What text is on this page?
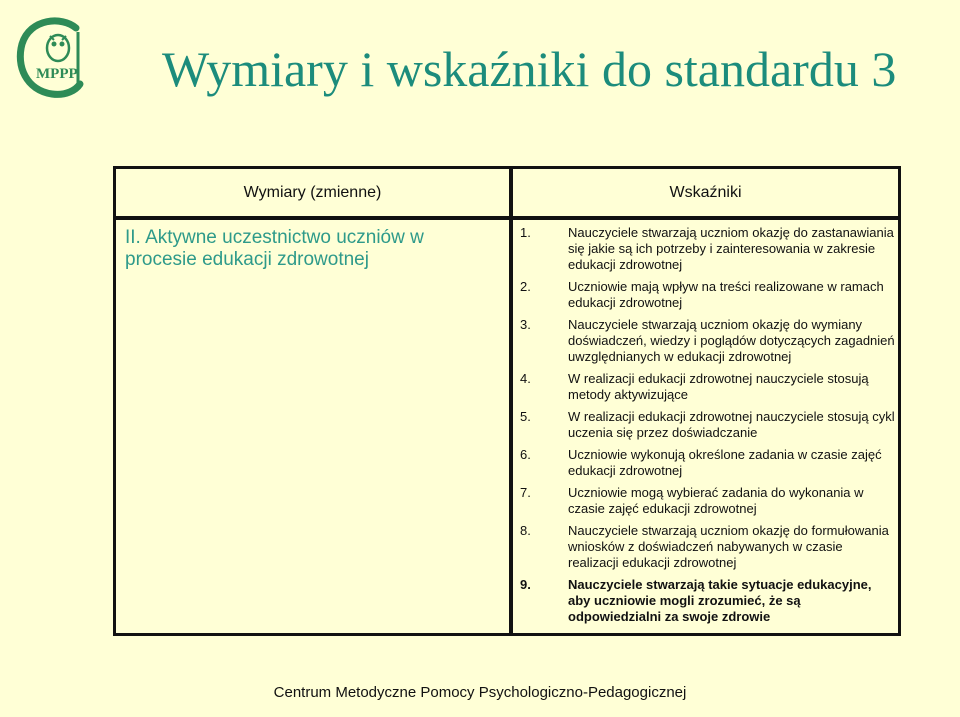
MPPP Wymiary i wskaźniki do standardu 3
Wymiary (zmienne)	Wskaźniki
II. Aktywne uczestnictwo uczniów w procesie edukacji zdrowotnej
1.	Nauczyciele stwarzają uczniom okazję do zastanawiania się jakie są ich potrzeby i zainteresowania w zakresie edukacji zdrowotnej
2.	Uczniowie mają wpływ na treści realizowane w ramach edukacji zdrowotnej
3.	Nauczyciele stwarzają uczniom okazję do wymiany doświadczeń, wiedzy i poglądów dotyczących zagadnień uwzględnianych w edukacji zdrowotnej
4.	W realizacji edukacji zdrowotnej nauczyciele stosują metody aktywizujące
5.	W realizacji edukacji zdrowotnej nauczyciele stosują cykl uczenia się przez doświadczanie
6.	Uczniowie wykonują określone zadania w czasie zajęć edukacji zdrowotnej
7.	Uczniowie mogą wybierać zadania do wykonania w czasie zajęć edukacji zdrowotnej
8.	Nauczyciele stwarzają uczniom okazję do formułowania wniosków z doświadczeń nabywanych w czasie realizacji edukacji zdrowotnej
9.	Nauczyciele stwarzają takie sytuacje edukacyjne, aby uczniowie mogli zrozumieć, że są odpowiedzialni za swoje zdrowie
Centrum Metodyczne Pomocy Psychologiczno-Pedagogicznej
